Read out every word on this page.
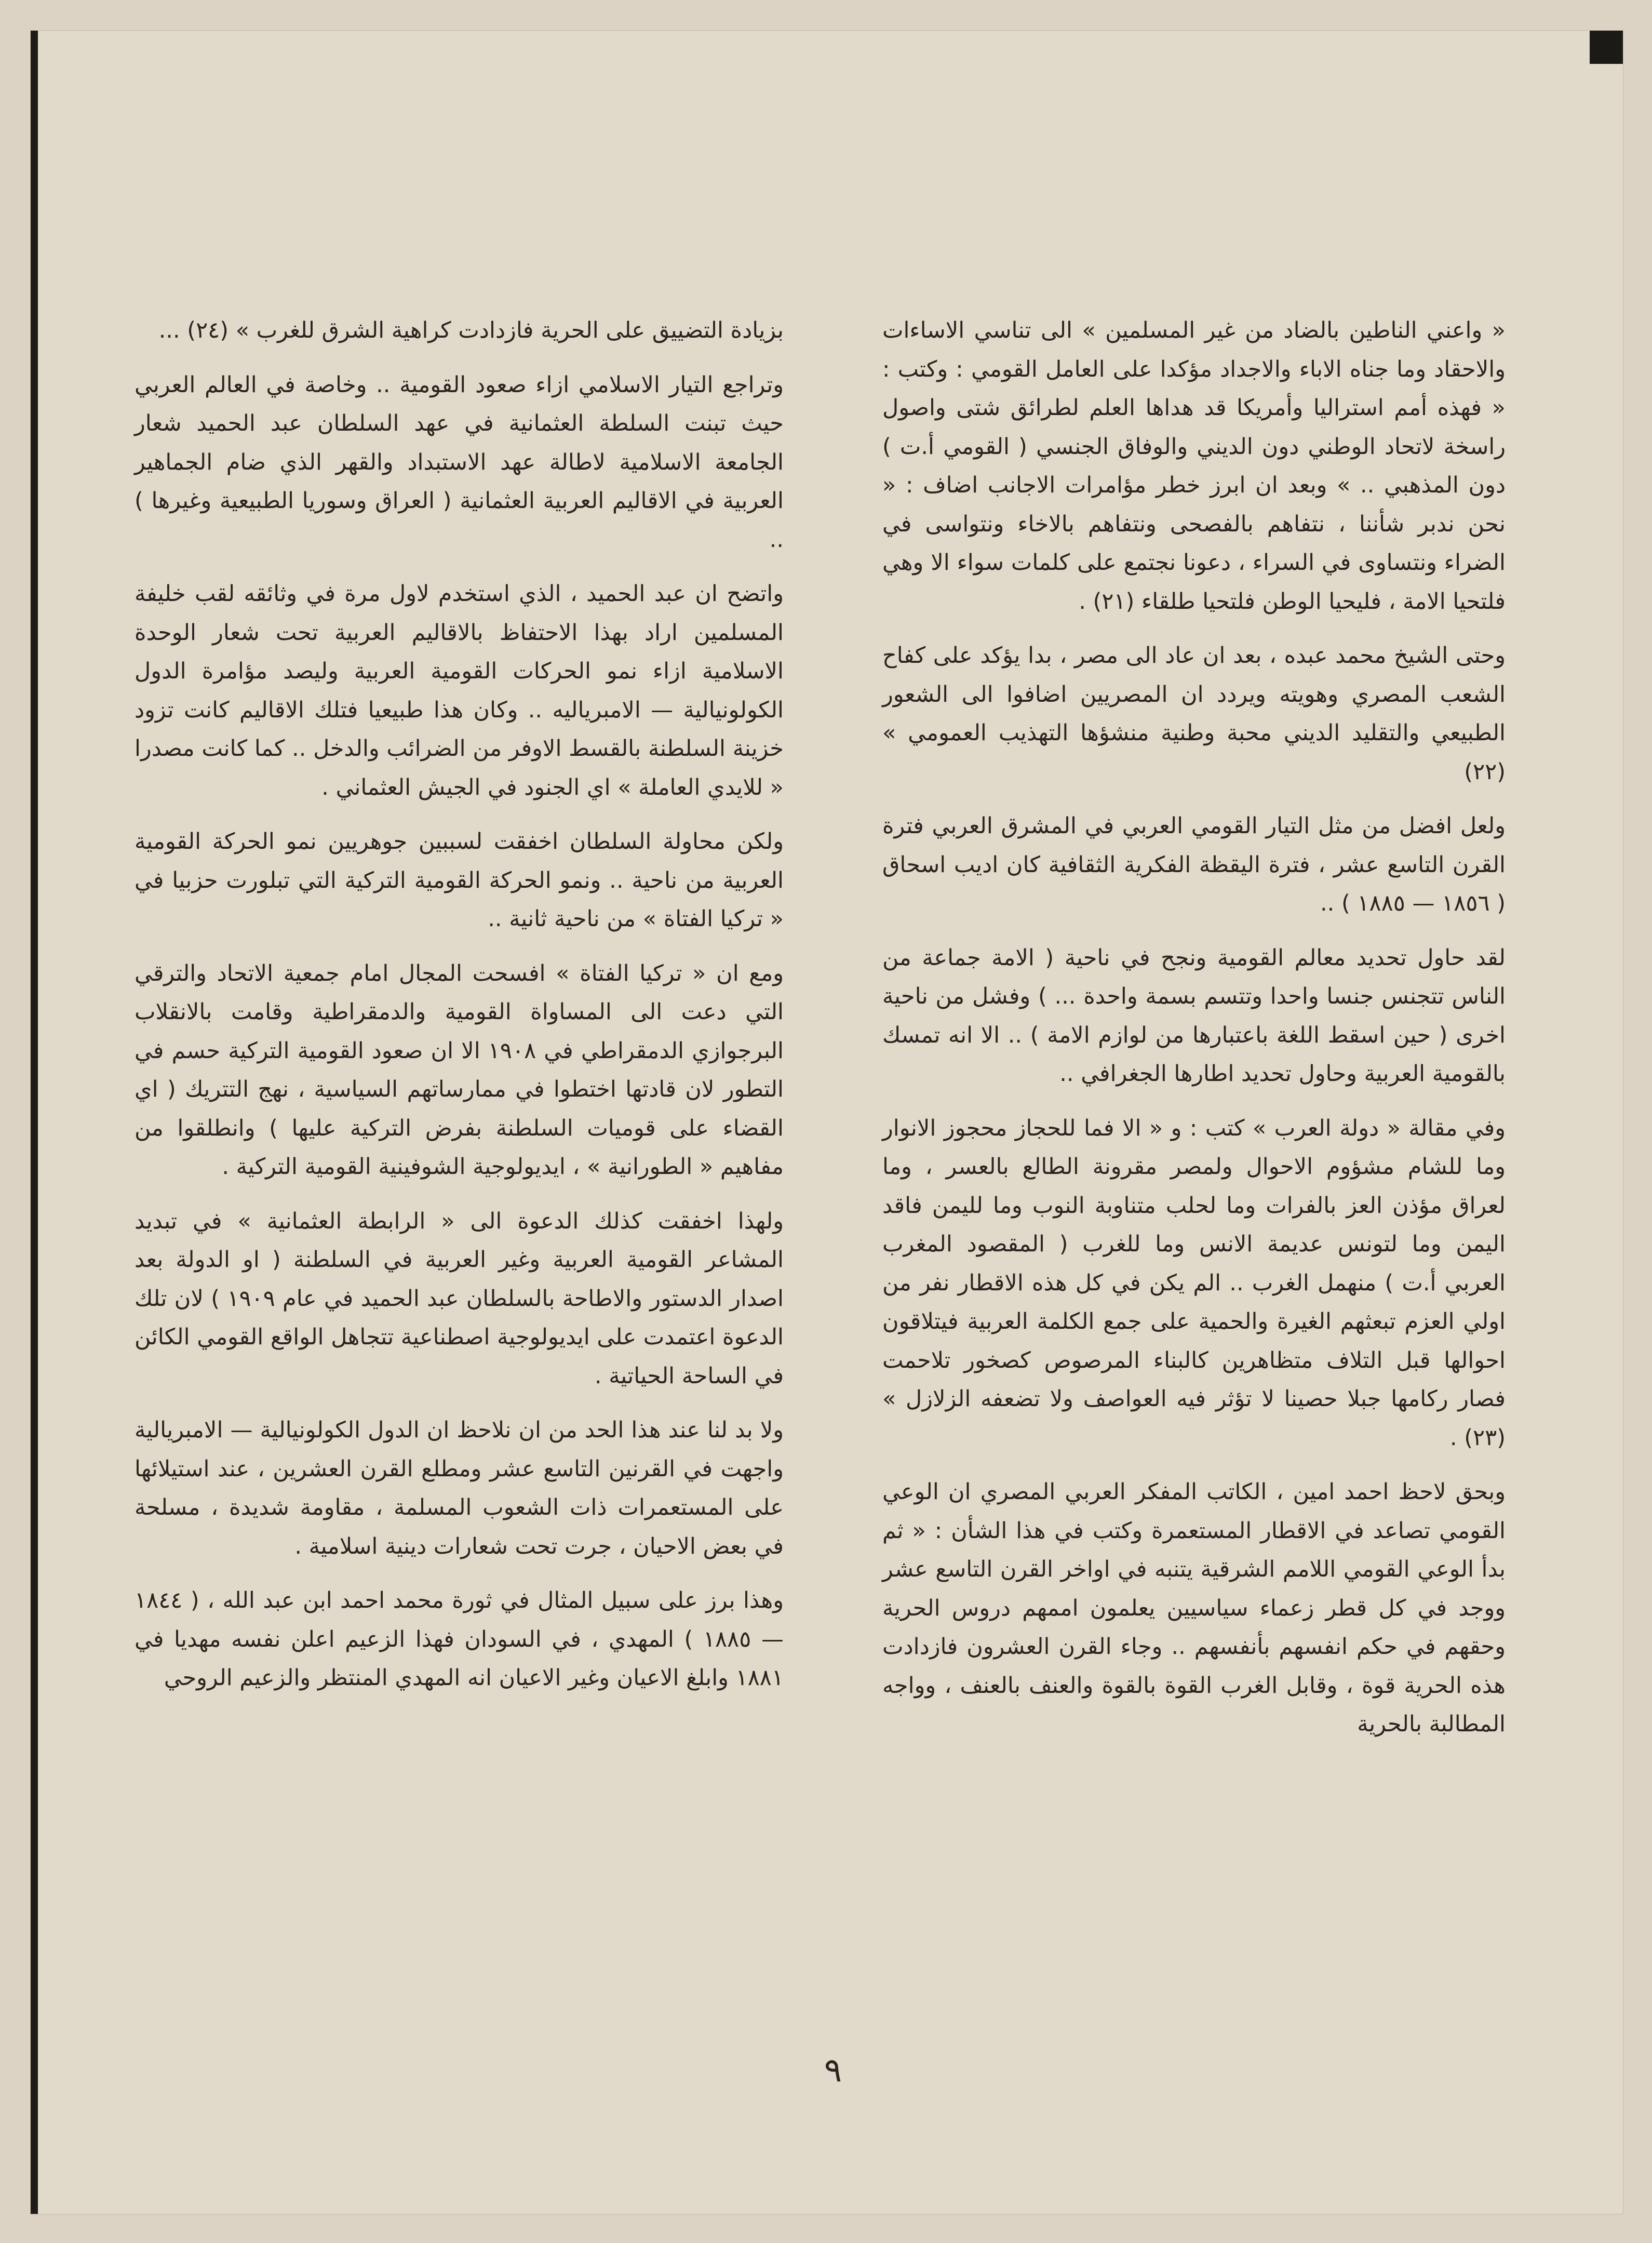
« واعني الناطين بالضاد من غير المسلمين » الى تناسي الاساءات والاحقاد وما جناه الاباء والاجداد مؤكدا على العامل القومي : وكتب : « فهذه أمم استراليا وأمريكا قد هداها العلم لطرائق شتى واصول راسخة لاتحاد الوطني دون الديني والوفاق الجنسي ( القومي أ.ت ) دون المذهبي .. » وبعد ان ابرز خطر مؤامرات الاجانب اضاف : « نحن ندبر شأننا ، نتفاهم بالفصحى ونتفاهم بالاخاء ونتواسى في الضراء ونتساوى في السراء ، دعونا نجتمع على كلمات سواء الا وهي فلتحيا الامة ، فليحيا الوطن فلتحيا طلقاء (٢١) .

وحتى الشيخ محمد عبده ، بعد ان عاد الى مصر ، بدا يؤكد على كفاح الشعب المصري وهويته ويردد ان المصريين اضافوا الى الشعور الطبيعي والتقليد الديني محبة وطنية منشؤها التهذيب العمومي » (٢٢)

ولعل افضل من مثل التيار القومي العربي في المشرق العربي فترة القرن التاسع عشر ، فترة اليقظة الفكرية الثقافية كان اديب اسحاق ( ١٨٥٦ — ١٨٨٥ ) ..

لقد حاول تحديد معالم القومية ونجح في ناحية ( الامة جماعة من الناس تتجنس جنسا واحدا وتتسم بسمة واحدة ... ) وفشل من ناحية اخرى ( حين اسقط اللغة باعتبارها من لوازم الامة ) .. الا انه تمسك بالقومية العربية وحاول تحديد اطارها الجغرافي ..

وفي مقالة « دولة العرب » كتب : و « الا فما للحجاز محجوز الانوار وما للشام مشؤوم الاحوال ولمصر مقرونة الطالع بالعسر ، وما لعراق مؤذن العز بالفرات وما لحلب متناوبة النوب وما لليمن فاقد اليمن وما لتونس عديمة الانس وما للغرب ( المقصود المغرب العربي أ.ت ) منهمل الغرب .. الم يكن في كل هذه الاقطار نفر من اولي العزم تبعثهم الغيرة والحمية على جمع الكلمة العربية فيتلاقون احوالها قبل التلاف متظاهرين كالبناء المرصوص كصخور تلاحمت فصار ركامها جبلا حصينا لا تؤثر فيه العواصف ولا تضعفه الزلازل » (٢٣) .

وبحق لاحظ احمد امين ، الكاتب المفكر العربي المصري ان الوعي القومي تصاعد في الاقطار المستعمرة وكتب في هذا الشأن : « ثم بدأ الوعي القومي اللامم الشرقية يتنبه في اواخر القرن التاسع عشر ووجد في كل قطر زعماء سياسيين يعلمون اممهم دروس الحرية وحقهم في حكم انفسهم بأنفسهم .. وجاء القرن العشرون فازدادت هذه الحرية قوة ، وقابل الغرب القوة بالقوة والعنف بالعنف ، وواجه المطالبة بالحرية

بزيادة التضييق على الحرية فازدادت كراهية الشرق للغرب » (٢٤) ...

وتراجع التيار الاسلامي ازاء صعود القومية .. وخاصة في العالم العربي حيث تبنت السلطة العثمانية في عهد السلطان عبد الحميد شعار الجامعة الاسلامية لاطالة عهد الاستبداد والقهر الذي ضام الجماهير العربية في الاقاليم العربية العثمانية ( العراق وسوريا الطبيعية وغيرها ) ..

واتضح ان عبد الحميد ، الذي استخدم لاول مرة في وثائقه لقب خليفة المسلمين اراد بهذا الاحتفاظ بالاقاليم العربية تحت شعار الوحدة الاسلامية ازاء نمو الحركات القومية العربية وليصد مؤامرة الدول الكولونيالية — الامبرياليه .. وكان هذا طبيعيا فتلك الاقاليم كانت تزود خزينة السلطنة بالقسط الاوفر من الضرائب والدخل .. كما كانت مصدرا « للايدي العاملة » اي الجنود في الجيش العثماني .

ولكن محاولة السلطان اخفقت لسببين جوهريين نمو الحركة القومية العربية من ناحية .. ونمو الحركة القومية التركية التي تبلورت حزبيا في « تركيا الفتاة » من ناحية ثانية ..

ومع ان « تركيا الفتاة » افسحت المجال امام جمعية الاتحاد والترقي التي دعت الى المساواة القومية والدمقراطية وقامت بالانقلاب البرجوازي الدمقراطي في ١٩٠٨ الا ان صعود القومية التركية حسم في التطور لان قادتها اختطوا في ممارساتهم السياسية ، نهج التتريك ( اي القضاء على قوميات السلطنة بفرض التركية عليها ) وانطلقوا من مفاهيم « الطورانية » ، ايديولوجية الشوفينية القومية التركية .

ولهذا اخفقت كذلك الدعوة الى « الرابطة العثمانية » في تبديد المشاعر القومية العربية وغير العربية في السلطنة ( او الدولة بعد اصدار الدستور والاطاحة بالسلطان عبد الحميد في عام ١٩٠٩ ) لان تلك الدعوة اعتمدت على ايديولوجية اصطناعية تتجاهل الواقع القومي الكائن في الساحة الحياتية .

ولا بد لنا عند هذا الحد من ان نلاحظ ان الدول الكولونيالية — الامبريالية واجهت في القرنين التاسع عشر ومطلع القرن العشرين ، عند استيلائها على المستعمرات ذات الشعوب المسلمة ، مقاومة شديدة ، مسلحة في بعض الاحيان ، جرت تحت شعارات دينية اسلامية .

وهذا برز على سبيل المثال في ثورة محمد احمد ابن عبد الله ، ( ١٨٤٤ — ١٨٨٥ ) المهدي ، في السودان فهذا الزعيم اعلن نفسه مهديا في ١٨٨١ وابلغ الاعيان وغير الاعيان انه المهدي المنتظر والزعيم الروحي

٩
